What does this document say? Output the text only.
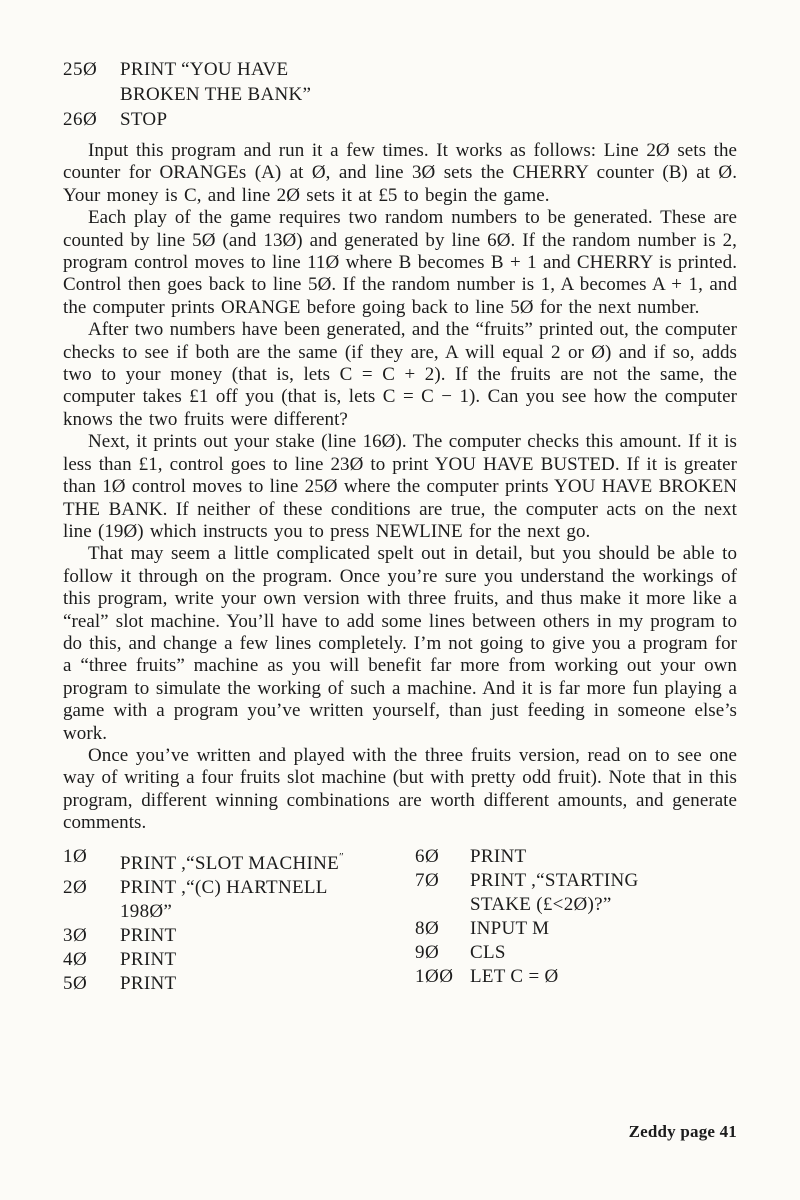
25Ø	PRINT “YOU HAVE
BROKEN THE BANK”
26Ø	STOP

Input this program and run it a few times. It works as follows: Line 2Ø sets the counter for ORANGEs (A) at Ø, and line 3Ø sets the CHERRY counter (B) at Ø. Your money is C, and line 2Ø sets it at £5 to begin the game.

Each play of the game requires two random numbers to be generated. These are counted by line 5Ø (and 13Ø) and generated by line 6Ø. If the random number is 2, program control moves to line 11Ø where B becomes B + 1 and CHERRY is printed. Control then goes back to line 5Ø. If the random number is 1, A becomes A + 1, and the computer prints ORANGE before going back to line 5Ø for the next number.

After two numbers have been generated, and the “fruits” printed out, the computer checks to see if both are the same (if they are, A will equal 2 or Ø) and if so, adds two to your money (that is, lets C = C + 2). If the fruits are not the same, the computer takes £1 off you (that is, lets C = C − 1). Can you see how the computer knows the two fruits were different?

Next, it prints out your stake (line 16Ø). The computer checks this amount. If it is less than £1, control goes to line 23Ø to print YOU HAVE BUSTED. If it is greater than 1Ø control moves to line 25Ø where the computer prints YOU HAVE BROKEN THE BANK. If neither of these conditions are true, the computer acts on the next line (19Ø) which instructs you to press NEWLINE for the next go.

That may seem a little complicated spelt out in detail, but you should be able to follow it through on the program. Once you’re sure you understand the workings of this program, write your own version with three fruits, and thus make it more like a “real” slot machine. You’ll have to add some lines between others in my program to do this, and change a few lines completely. I’m not going to give you a program for a “three fruits” machine as you will benefit far more from working out your own program to simulate the working of such a machine. And it is far more fun playing a game with a program you’ve written yourself, than just feeding in someone else’s work.

Once you’ve written and played with the three fruits version, read on to see one way of writing a four fruits slot machine (but with pretty odd fruit). Note that in this program, different winning combinations are worth different amounts, and generate comments.

1Ø	PRINT ,“SLOT MACHINE″
2Ø	PRINT ,“(C) HARTNELL
198Ø”
3Ø	PRINT
4Ø	PRINT
5Ø	PRINT
6Ø	PRINT
7Ø	PRINT ,“STARTING
STAKE (£<2Ø)?”
8Ø	INPUT M
9Ø	CLS
1ØØ LET C = Ø
Zeddy page 41
